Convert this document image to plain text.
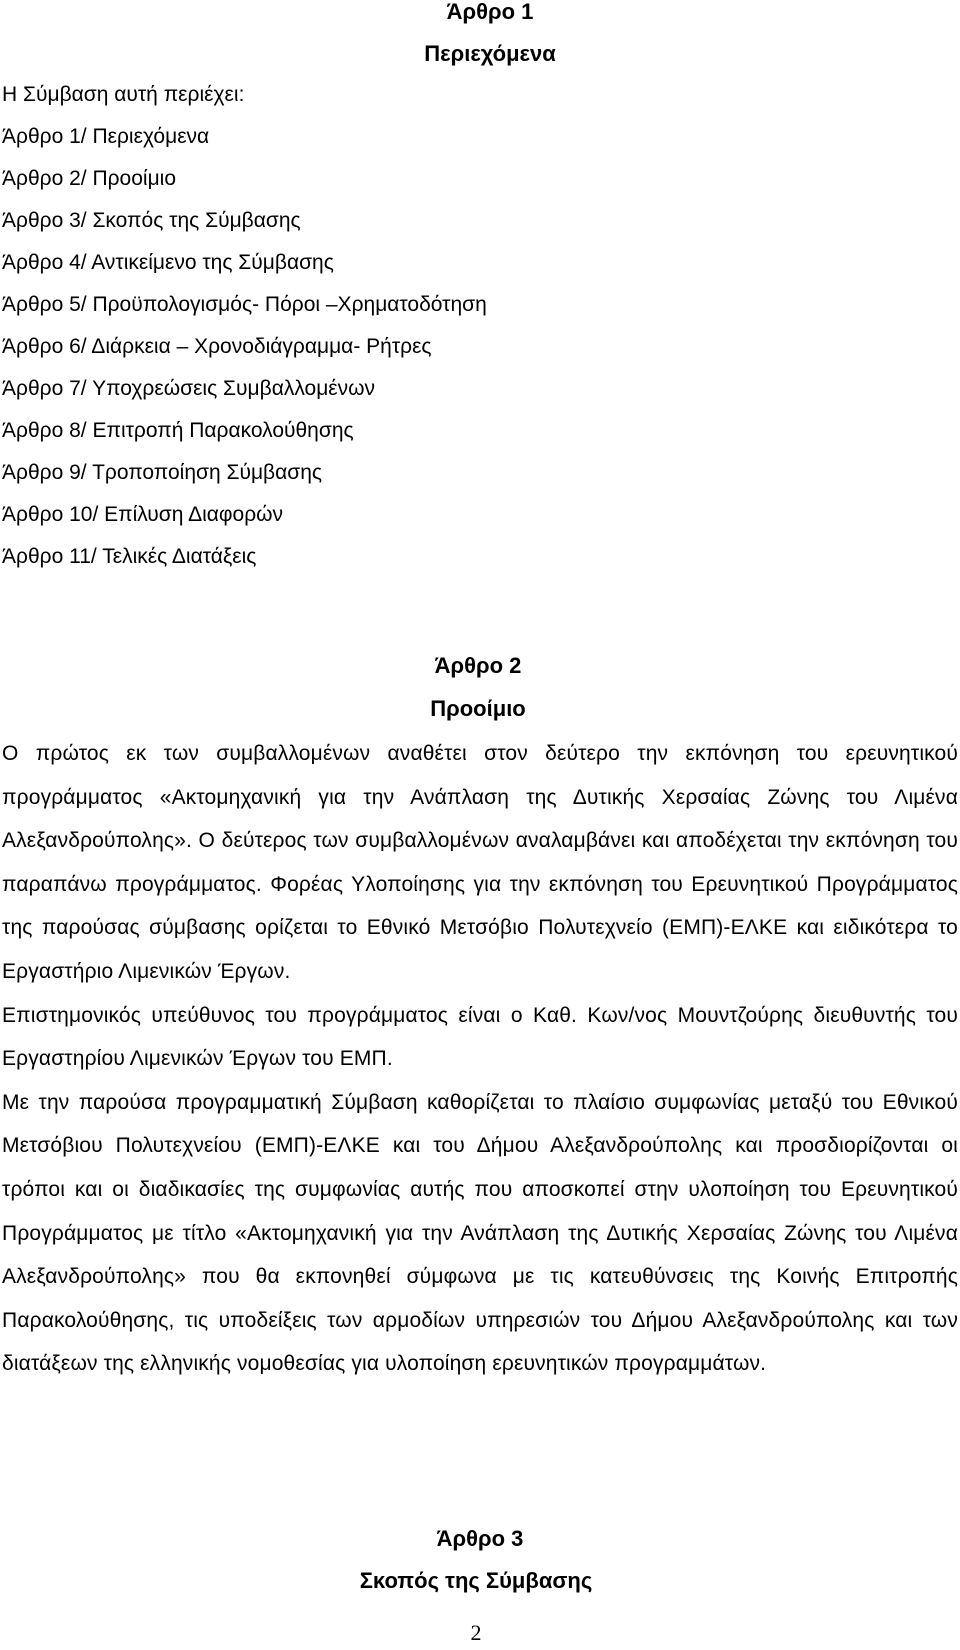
Άρθρο 1
Περιεχόμενα
Η Σύμβαση αυτή περιέχει:
Άρθρο 1/ Περιεχόμενα
Άρθρο 2/ Προοίμιο
Άρθρο 3/ Σκοπός της Σύμβασης
Άρθρο 4/ Αντικείμενο της Σύμβασης
Άρθρο 5/ Προϋπολογισμός- Πόροι –Χρηματοδότηση
Άρθρο 6/ Διάρκεια – Χρονοδιάγραμμα- Ρήτρες
Άρθρο 7/ Υποχρεώσεις Συμβαλλομένων
Άρθρο 8/ Επιτροπή Παρακολούθησης
Άρθρο 9/ Τροποποίηση Σύμβασης
Άρθρο 10/ Επίλυση Διαφορών
Άρθρο 11/ Τελικές Διατάξεις
Άρθρο 2
Προοίμιο

Ο πρώτος εκ των συμβαλλομένων αναθέτει στον δεύτερο την εκπόνηση του ερευνητικού προγράμματος «Ακτομηχανική για την Ανάπλαση της Δυτικής Χερσαίας Ζώνης του Λιμένα Αλεξανδρούπολης». Ο δεύτερος των συμβαλλομένων αναλαμβάνει και αποδέχεται την εκπόνηση του παραπάνω προγράμματος. Φορέας Υλοποίησης για την εκπόνηση του Ερευνητικού Προγράμματος της παρούσας σύμβασης ορίζεται το Εθνικό Μετσόβιο Πολυτεχνείο (ΕΜΠ)-ΕΛΚΕ και ειδικότερα το Εργαστήριο Λιμενικών Έργων.

Επιστημονικός υπεύθυνος του προγράμματος είναι ο Καθ. Κων/νος Μουντζούρης διευθυντής του Εργαστηρίου Λιμενικών Έργων του ΕΜΠ.

Με την παρούσα προγραμματική Σύμβαση καθορίζεται το πλαίσιο συμφωνίας μεταξύ του Εθνικού Μετσόβιου Πολυτεχνείου (ΕΜΠ)-ΕΛΚΕ και του Δήμου Αλεξανδρούπολης και προσδιορίζονται οι τρόποι και οι διαδικασίες της συμφωνίας αυτής που αποσκοπεί στην υλοποίηση του Ερευνητικού Προγράμματος με τίτλο «Ακτομηχανική για την Ανάπλαση της Δυτικής Χερσαίας Ζώνης του Λιμένα Αλεξανδρούπολης» που θα εκπονηθεί σύμφωνα με τις κατευθύνσεις της Κοινής Επιτροπής Παρακολούθησης, τις υποδείξεις των αρμοδίων υπηρεσιών του Δήμου Αλεξανδρούπολης και των διατάξεων της ελληνικής νομοθεσίας για υλοποίηση ερευνητικών προγραμμάτων.

Άρθρο 3
Σκοπός της Σύμβασης
2
